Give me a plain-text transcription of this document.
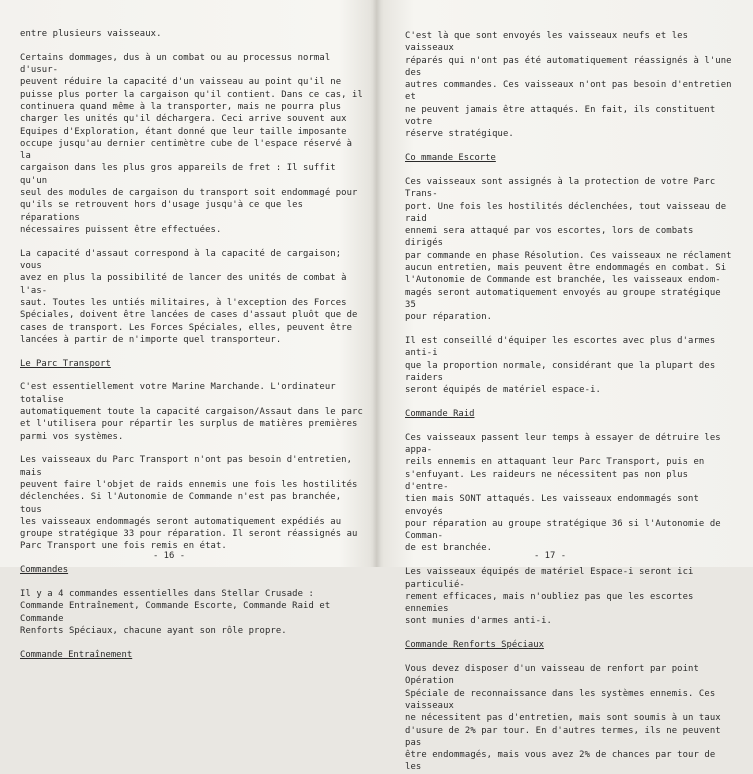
entre plusieurs vaisseaux.

Certains dommages, dus à un combat ou au processus normal d'usur-
peuvent réduire la capacité d'un vaisseau au point qu'il ne
puisse plus porter la cargaison qu'il contient. Dans ce cas, il
continuera quand même à la transporter, mais ne pourra plus
charger les unités qu'il déchargera. Ceci arrive souvent aux
Equipes d'Exploration, étant donné que leur taille imposante
occupe jusqu'au dernier centimètre cube de l'espace réservé à la
cargaison dans les plus gros appareils de fret : Il suffit qu'un
seul des modules de cargaison du transport soit endommagé pour
qu'ils se retrouvent hors d'usage jusqu'à ce que les réparations
nécessaires puissent être effectuées.

La capacité d'assaut correspond à la capacité de cargaison; vous
avez en plus la possibilité de lancer des unités de combat à l'as-
saut. Toutes les untiés militaires, à l'exception des Forces
Spéciales, doivent être lancées de cases d'assaut pluôt que de
cases de transport. Les Forces Spéciales, elles, peuvent être
lancées à partir de n'importe quel transporteur.

Le Parc Transport

C'est essentiellement votre Marine Marchande. L'ordinateur totalise
automatiquement toute la capacité cargaison/Assaut dans le parc
et l'utilisera pour répartir les surplus de matières premières
parmi vos systèmes.

Les vaisseaux du Parc Transport n'ont pas besoin d'entretien, mais
peuvent faire l'objet de raids ennemis une fois les hostilités
déclenchées. Si l'Autonomie de Commande n'est pas branchée, tous
les vaisseaux endommagés seront automatiquement expédiés au
groupe stratégique 33 pour réparation. Il seront réassignés au
Parc Transport une fois remis en état.

Commandes

Il y a 4 commandes essentielles dans Stellar Crusade :
Commande Entraînement, Commande Escorte, Commande Raid et Commande
Renforts Spéciaux, chacune ayant son rôle propre.

Commande Entraînement
- 16 -

C'est là que sont envoyés les vaisseaux neufs et les vaisseaux
réparés qui n'ont pas été automatiquement réassignés à l'une des
autres commandes. Ces vaisseaux n'ont pas besoin d'entretien et
ne peuvent jamais être attaqués. En fait, ils constituent votre
réserve stratégique.

Co mmande Escorte

Ces vaisseaux sont assignés à la protection de votre Parc Trans-
port. Une fois les hostilités déclenchées, tout vaisseau de raid
ennemi sera attaqué par vos escortes, lors de combats dirigés
par commande en phase Résolution. Ces vaisseaux ne réclament
aucun entretien, mais peuvent être endommagés en combat. Si
l'Autonomie de Commande est branchée, les vaisseaux endom-
magés seront automatiquement envoyés au groupe stratégique 35
pour réparation.

Il est conseillé d'équiper les escortes avec plus d'armes anti-i
que la proportion normale, considérant que la plupart des raiders
seront équipés de matériel espace-i.

Commande Raid

Ces vaisseaux passent leur temps à essayer de détruire les appa-
reils ennemis en attaquant leur Parc Transport, puis en
s'enfuyant. Les raideurs ne nécessitent pas non plus d'entre-
tien mais SONT attaqués. Les vaisseaux endommagés sont envoyés
pour réparation au groupe stratégique 36 si l'Autonomie de Comman-
de est branchée.

Les vaisseaux équipés de matériel Espace-i seront ici particulié-
rement efficaces, mais n'oubliez pas que les escortes ennemies
sont munies d'armes anti-i.

Commande Renforts Spéciaux

Vous devez disposer d'un vaisseau de renfort par point Opération
Spéciale de reconnaissance dans les systèmes ennemis. Ces vaisseaux
ne nécessitent pas d'entretien, mais sont soumis à un taux
d'usure de 2% par tour. En d'autres termes, ils ne peuvent pas
être endommagés, mais vous avez 2% de chances par tour de les

- 17 -
